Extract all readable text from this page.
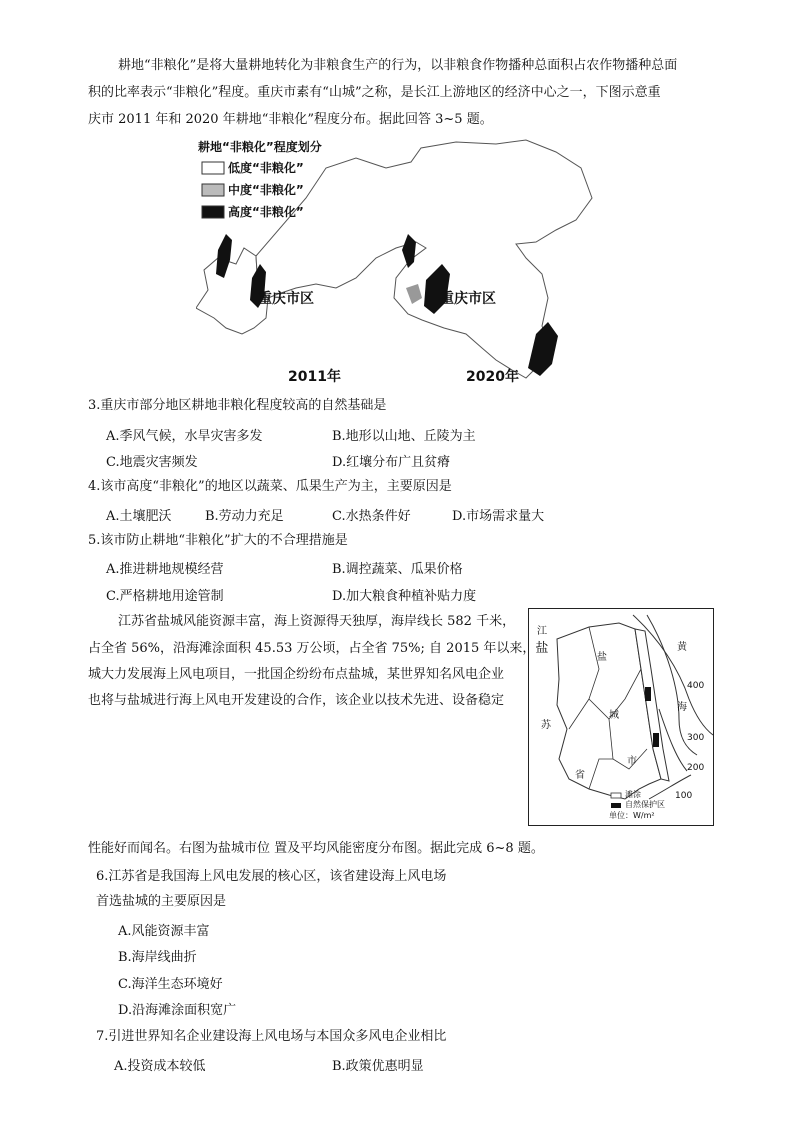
耕地“非粮化”是将大量耕地转化为非粮食生产的行为，以非粮食作物播种总面积占农作物播种总面
积的比率表示“非粮化”程度。重庆市素有“山城”之称，是长江上游地区的经济中心之一，下图示意重
庆市 2011 年和 2020 年耕地“非粮化”程度分布。据此回答 3~5 题。
耕地“非粮化”程度划分
低度“非粮化”
中度“非粮化”
高度“非粮化”
重庆市区	重庆市区
2011年	2020年
3.重庆市部分地区耕地非粮化程度较高的自然基础是
A.季风气候，水旱灾害多发	B.地形以山地、丘陵为主
C.地震灾害频发	D.红壤分布广且贫瘠
4.该市高度“非粮化”的地区以蔬菜、瓜果生产为主，主要原因是
A.土壤肥沃	B.劳动力充足	C.水热条件好	D.市场需求量大
5.该市防止耕地“非粮化”扩大的不合理措施是
A.推进耕地规模经营	B.调控蔬菜、瓜果价格
C.严格耕地用途管制	D.加大粮食种植补贴力度
江苏省盐城风能资源丰富，海上资源得天独厚，海岸线长 582 千米，
占全省 56%，沿海滩涂面积 45.53 万公顷，占全省 75%; 自 2015 年以来，盐
城大力发展海上风电项目，一批国企纷纷布点盐城，某世界知名风电企业
也将与盐城进行海上风电开发建设的合作，该企业以技术先进、设备稳定
性能好而闻名。右图为盐城市位 置及平均风能密度分布图。据此完成 6~8 题。
江
苏
省
盐
城
市
黄
海
400
300
200
100
滩涂
自然保护区
单位：W/m²
6.江苏省是我国海上风电发展的核心区，该省建设海上风电场
首选盐城的主要原因是
A.风能资源丰富
B.海岸线曲折
C.海洋生态环境好
D.沿海滩涂面积宽广
7.引进世界知名企业建设海上风电场与本国众多风电企业相比
A.投资成本较低	B.政策优惠明显
